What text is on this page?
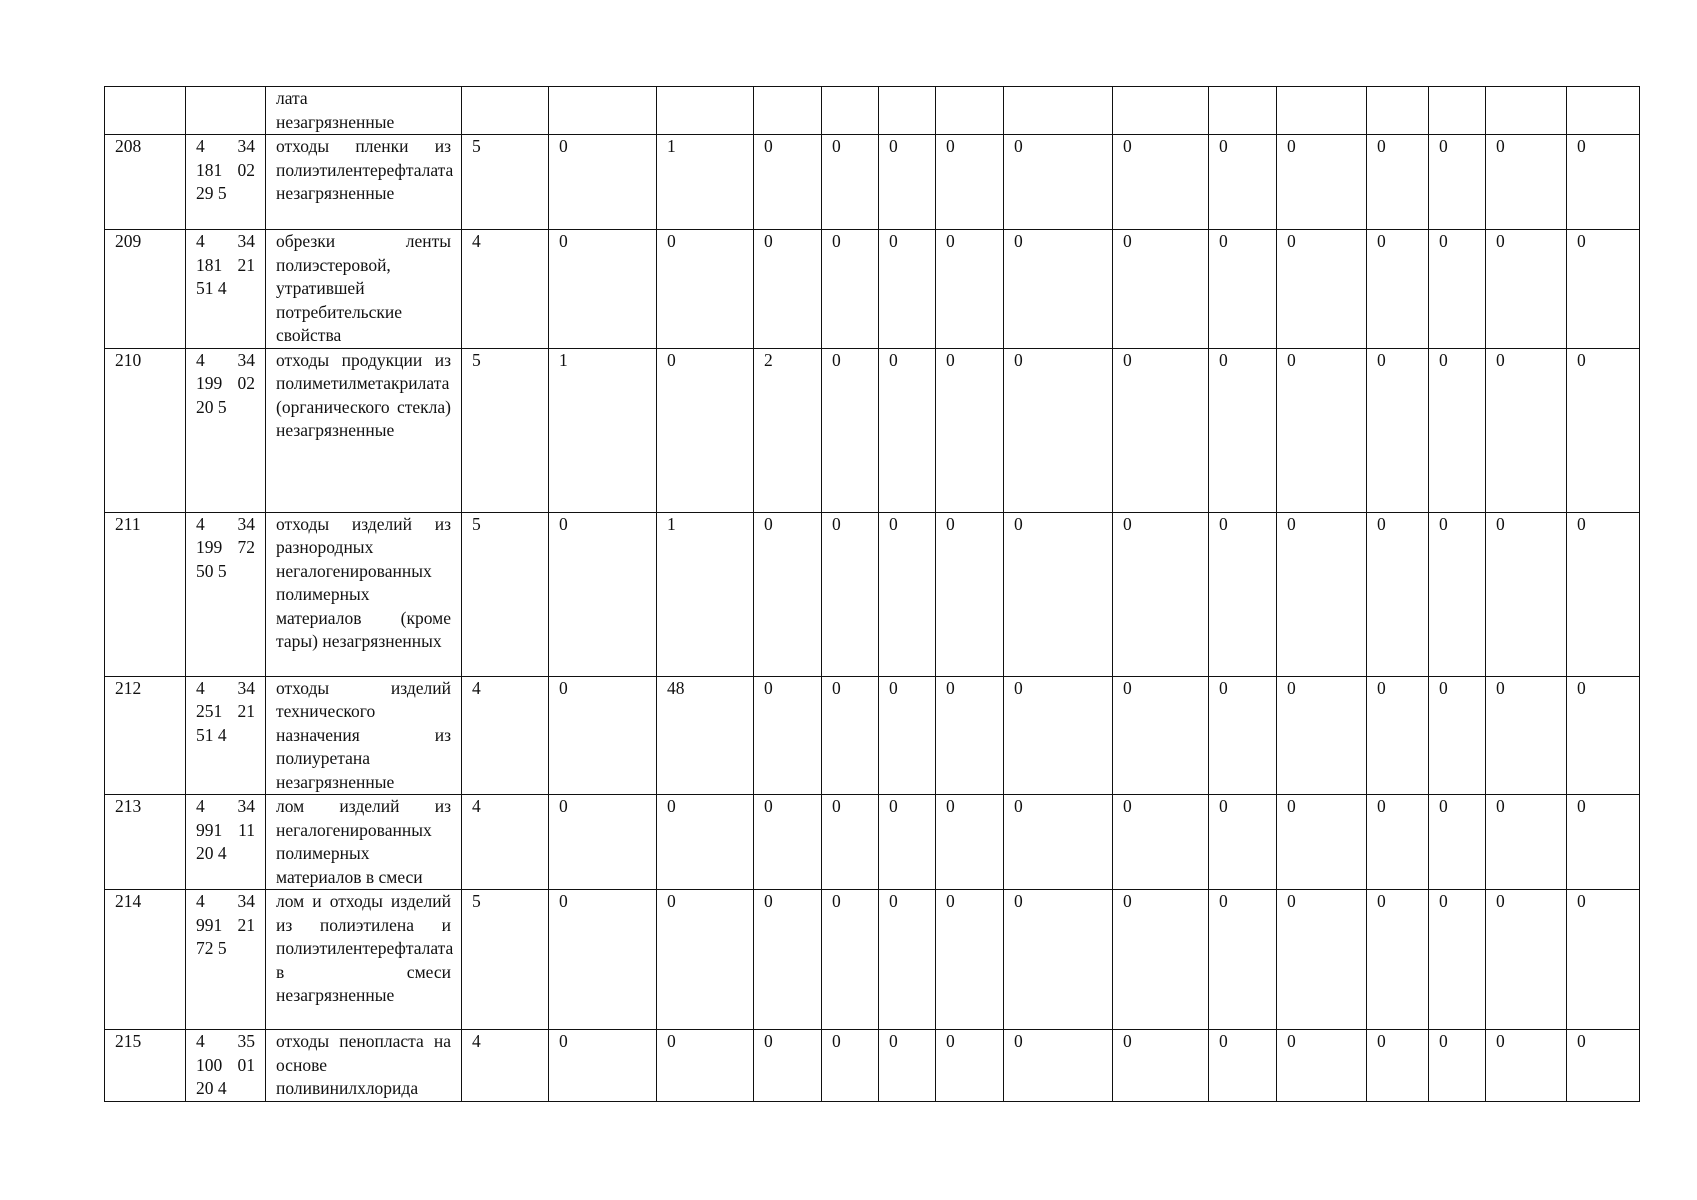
		лата
незагрязненные															

208	4 34
181 02
29 5	отходы пленки из полиэтилентерефталата незагрязненные	5	0	1	0	0	0	0	0	0	0	0	0	0	0	0
209	4 34
181 21
51 4	обрезки ленты полиэстеровой, утратившей потребительские свойства	4	0	0	0	0	0	0	0	0	0	0	0	0	0	0
210	4 34
199 02
20 5	отходы продукции из полиметилметакрилата (органического стекла) незагрязненные	5	1	0	2	0	0	0	0	0	0	0	0	0	0	0
211	4 34
199 72
50 5	отходы изделий из разнородных негалогенированных полимерных материалов (кроме тары) незагрязненных	5	0	1	0	0	0	0	0	0	0	0	0	0	0	0
212	4 34
251 21
51 4	отходы изделий технического назначения из полиуретана незагрязненные	4	0	48	0	0	0	0	0	0	0	0	0	0	0	0
213	4 34
991 11
20 4	лом изделий из негалогенированных полимерных материалов в смеси	4	0	0	0	0	0	0	0	0	0	0	0	0	0	0
214	4 34
991 21
72 5	лом и отходы изделий из полиэтилена и полиэтилентерефталата в смеси незагрязненные	5	0	0	0	0	0	0	0	0	0	0	0	0	0	0
215	4 35
100 01
20 4	отходы пенопласта на основе поливинилхлорида	4	0	0	0	0	0	0	0	0	0	0	0	0	0	0
